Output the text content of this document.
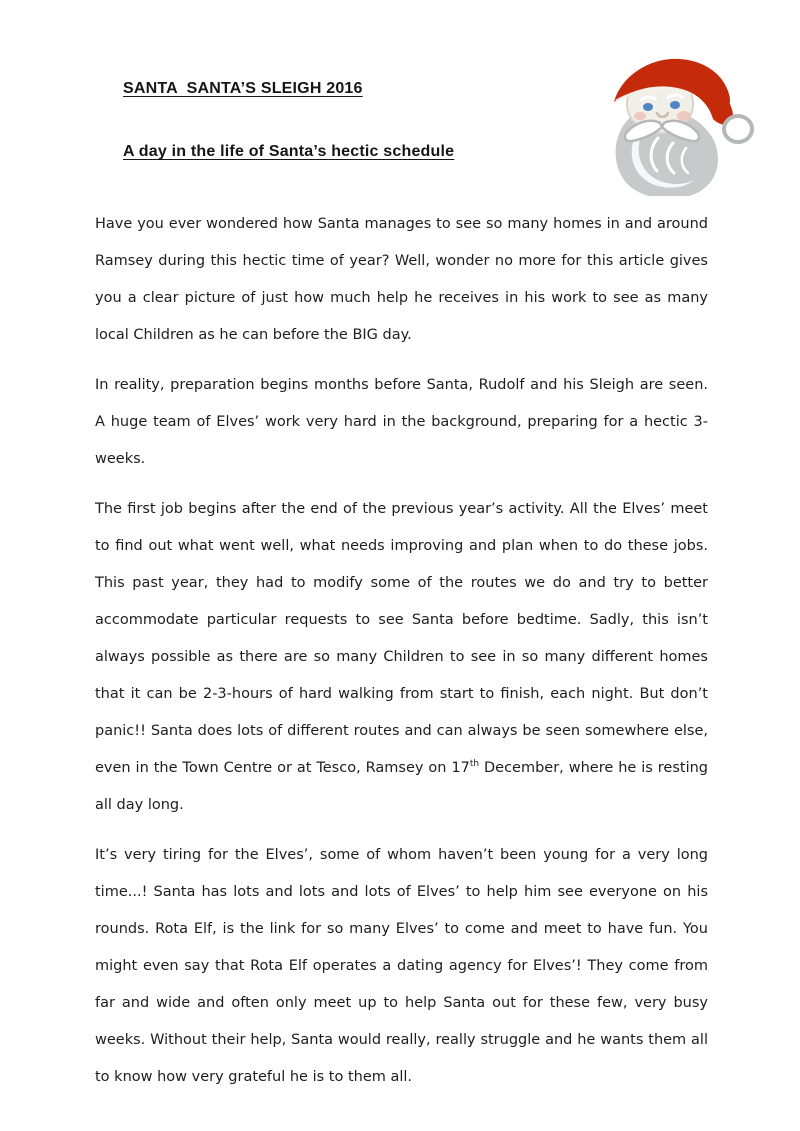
SANTA  SANTA’S SLEIGH 2016
A day in the life of Santa’s hectic schedule

Have you ever wondered how Santa manages to see so many homes in and around Ramsey during this hectic time of year? Well, wonder no more for this article gives you a clear picture of just how much help he receives in his work to see as many local Children as he can before the BIG day.

In reality, preparation begins months before Santa, Rudolf and his Sleigh are seen. A huge team of Elves’ work very hard in the background, preparing for a hectic 3-weeks.

The first job begins after the end of the previous year’s activity. All the Elves’ meet to find out what went well, what needs improving and plan when to do these jobs. This past year, they had to modify some of the routes we do and try to better accommodate particular requests to see Santa before bedtime. Sadly, this isn’t always possible as there are so many Children to see in so many different homes that it can be 2-3-hours of hard walking from start to finish, each night. But don’t panic!! Santa does lots of different routes and can always be seen somewhere else, even in the Town Centre or at Tesco, Ramsey on 17th December, where he is resting all day long.

It’s very tiring for the Elves’, some of whom haven’t been young for a very long time...! Santa has lots and lots and lots of Elves’ to help him see everyone on his rounds. Rota Elf, is the link for so many Elves’ to come and meet to have fun. You might even say that Rota Elf operates a dating agency for Elves’! They come from far and wide and often only meet up to help Santa out for these few, very busy weeks. Without their help, Santa would really, really struggle and he wants them all to know how very grateful he is to them all.
